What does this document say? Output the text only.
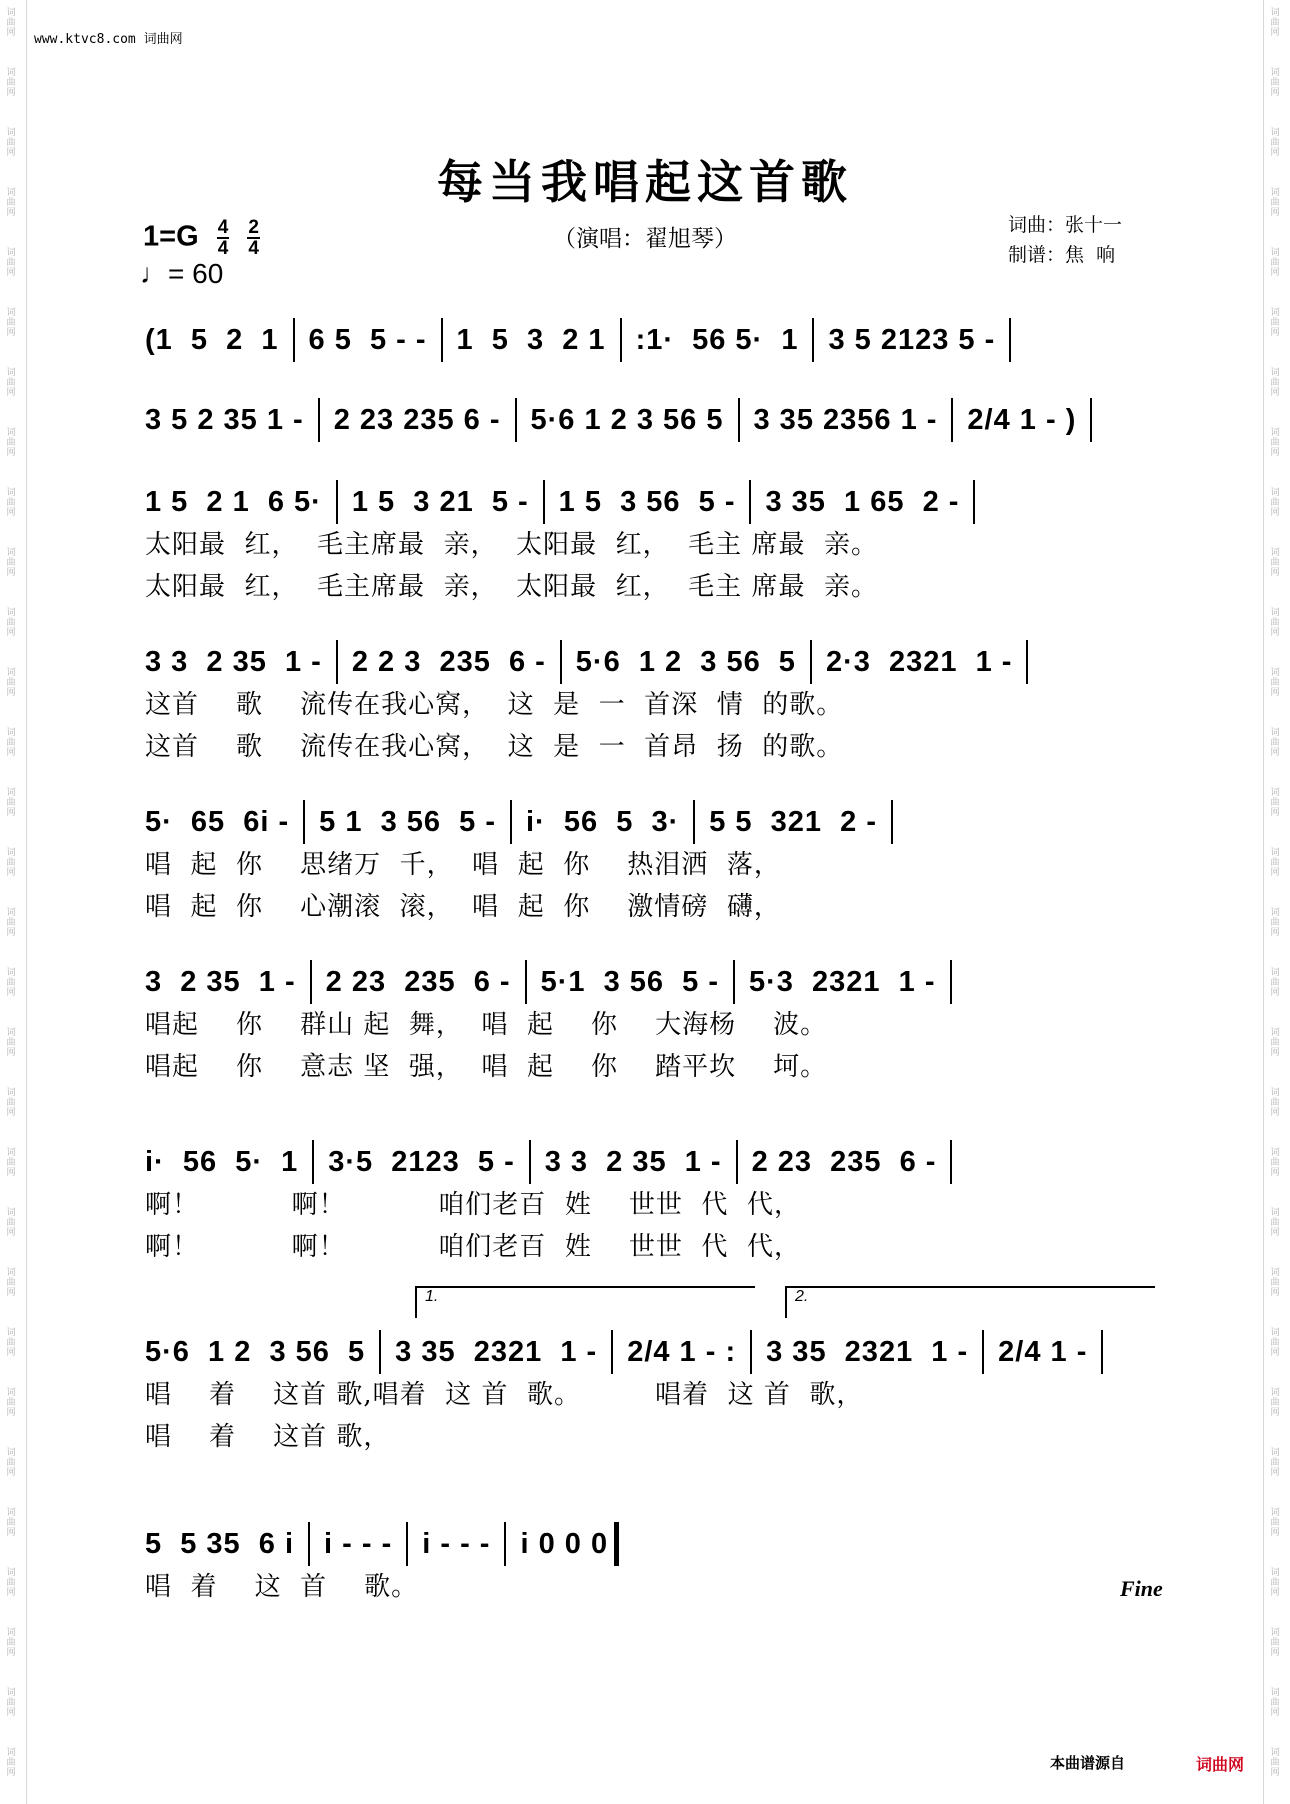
词
曲
网
词
曲
网
词
曲
网
词
曲
网
词
曲
网
词
曲
网
词
曲
网
词
曲
网
词
曲
网
词
曲
网
词
曲
网
词
曲
网
词
曲
网
词
曲
网
词
曲
网
词
曲
网
词
曲
网
词
曲
网
词
曲
网
词
曲
网
词
曲
网
词
曲
网
词
曲
网
词
曲
网
词
曲
网
词
曲
网
词
曲
网
词
曲
网
词
曲
网
词
曲
网
词
曲
网
词
曲
网
词
曲
网
词
曲
网
词
曲
网
词
曲
网
词
曲
网
词
曲
网
词
曲
网
词
曲
网
词
曲
网
词
曲
网
词
曲
网
词
曲
网
词
曲
网
词
曲
网
词
曲
网
词
曲
网
词
曲
网
词
曲
网
词
曲
网
词
曲
网
词
曲
网
词
曲
网
词
曲
网
词
曲
网
词
曲
网
词
曲
网
词
曲
网
词
曲
网
www.ktvc8.com 词曲网
每当我唱起这首歌
$1=G \frac{4}{4}$
$\frac{2}{4}$
♩= 60
（演唱：翟旭琴）
词曲：张十一
制谱：焦  响
(1  5  2  1 6 5  5 - - 1  5  3  2 1 :1·  56 5·  1 3 5 2123 5 -
3 5 2 35 1 - 2 23 235 6 - 5·6 1 2 3 56 5 3 35 2356 1 - 2/4 1 - )
1 5  2 1  6 5· 1 5  3 21  5 - 1 5  3 56  5 - 3 35  1 65  2 -
太阳最  红，  毛主席最  亲，  太阳最  红，  毛主 席最  亲。
太阳最  红，  毛主席最  亲，  太阳最  红，  毛主 席最  亲。
3 3  2 35  1 - 2 2 3  235  6 - 5·6  1 2  3 56  5 2·3  2321  1 -
这首    歌    流传在我心窝，  这  是  一  首深  情  的歌。
这首    歌    流传在我心窝，  这  是  一  首昂  扬  的歌。
5·  65  6i - 5 1  3 56  5 - i·  56  5  3· 5 5  321  2 -
唱  起  你    思绪万  千，  唱  起  你    热泪洒  落，
唱  起  你    心潮滚  滚，  唱  起  你    激情磅  礴，
3  2 35  1 - 2 23  235  6 - 5·1  3 56  5 - 5·3  2321  1 -
唱起    你    群山 起  舞，  唱  起    你    大海杨    波。
唱起    你    意志 坚  强，  唱  起    你    踏平坎    坷。
i·  56  5·  1 3·5  2123  5 - 3 3  2 35  1 - 2 23  235  6 -
啊！          啊！          咱们老百  姓    世世  代  代，
啊！          啊！          咱们老百  姓    世世  代  代，
5·6  1 2  3 56  5 3 35  2321  1 - 2/4 1 - : 3 35  2321  1 - 2/4 1 -
唱    着    这首 歌,唱着  这 首  歌。        唱着  这 首  歌，
唱    着    这首 歌，
1.	2.
5  5 35  6 i i - - - i - - - i 0 0 0
唱  着    这  首    歌。	Fine
本曲谱源自	词曲网
